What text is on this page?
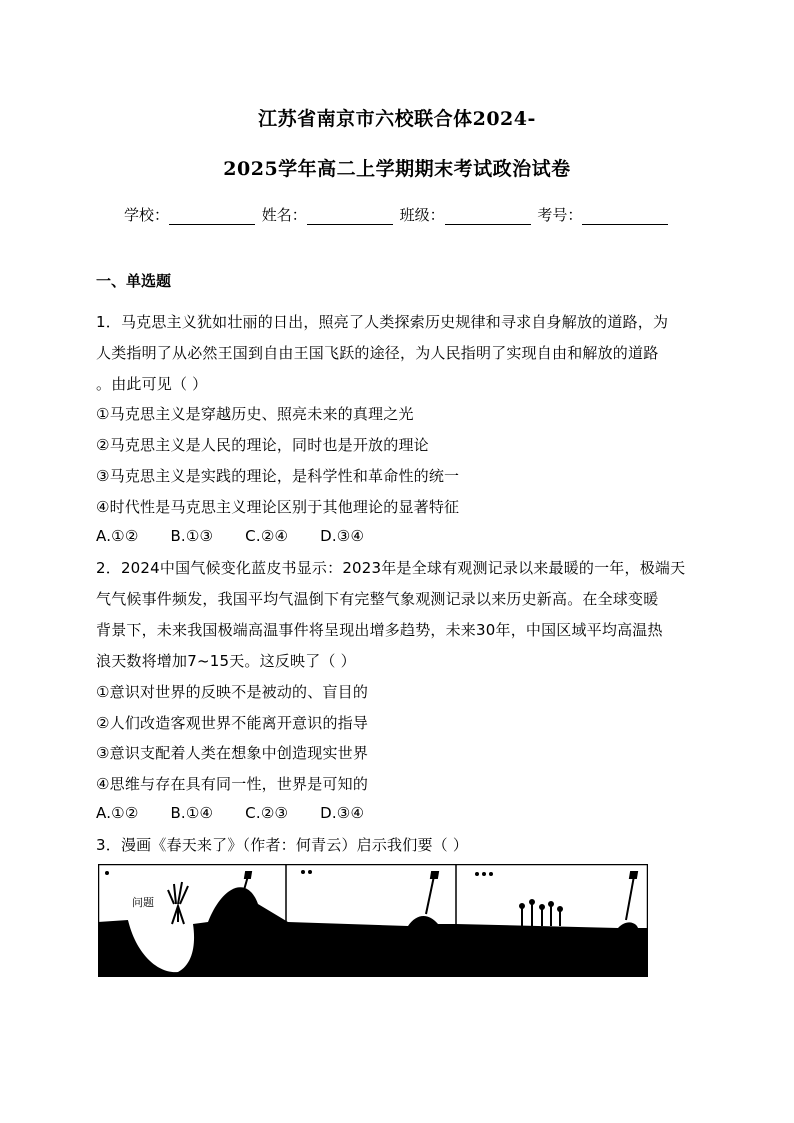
江苏省南京市六校联合体2024-
2025学年高二上学期期末考试政治试卷
学校：	姓名：	班级：	考号：
一、单选题
1．马克思主义犹如壮丽的日出，照亮了人类探索历史规律和寻求自身解放的道路，为
人类指明了从必然王国到自由王国飞跃的途径，为人民指明了实现自由和解放的道路
。由此可见（ ）
①马克思主义是穿越历史、照亮未来的真理之光
②马克思主义是人民的理论，同时也是开放的理论
③马克思主义是实践的理论，是科学性和革命性的统一
④时代性是马克思主义理论区别于其他理论的显著特征
A.①② B.①③ C.②④ D.③④
2．2024中国气候变化蓝皮书显示：2023年是全球有观测记录以来最暖的一年，极端天
气气候事件频发，我国平均气温倒下有完整气象观测记录以来历史新高。在全球变暖
背景下，未来我国极端高温事件将呈现出增多趋势，未来30年，中国区域平均高温热
浪天数将增加7~15天。这反映了（ ）
①意识对世界的反映不是被动的、盲目的
②人们改造客观世界不能离开意识的指导
③意识支配着人类在想象中创造现实世界
④思维与存在具有同一性，世界是可知的
A.①② B.①④ C.②③ D.③④
3．漫画《春天来了》（作者：何青云）启示我们要（ ）
问题
